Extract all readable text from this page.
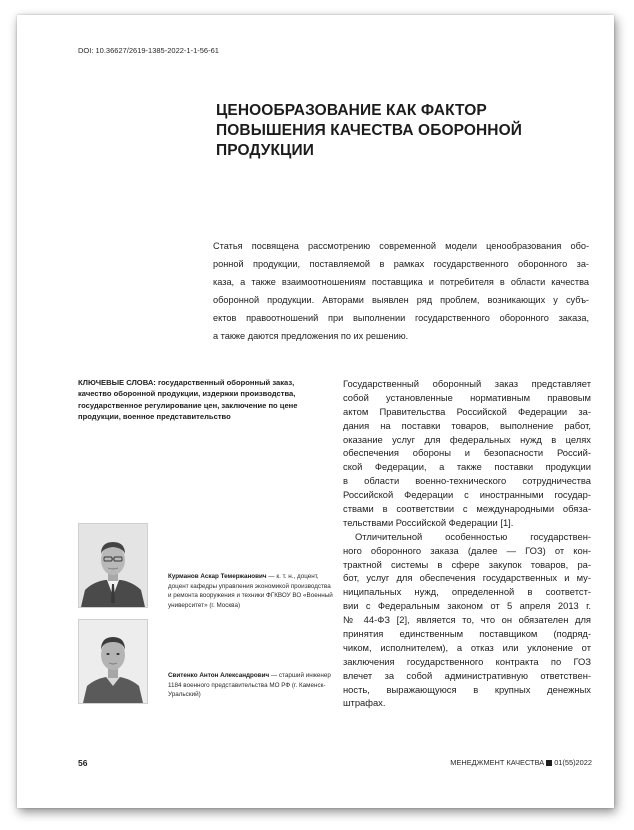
DOI: 10.36627/2619-1385-2022-1-1-56-61
ЦЕНООБРАЗОВАНИЕ КАК ФАКТОР
ПОВЫШЕНИЯ КАЧЕСТВА ОБОРОННОЙ
ПРОДУКЦИИ
Статья посвящена рассмотрению современной модели ценообразования обо-
ронной продукции, поставляемой в рамках государственного оборонного за-
каза, а также взаимоотношениям поставщика и потребителя в области качества
оборонной продукции. Авторами выявлен ряд проблем, возникающих у субъ-
ектов правоотношений при выполнении государственного оборонного заказа,
а также даются предложения по их решению.
КЛЮЧЕВЫЕ СЛОВА: государственный оборонный заказ,
качество оборонной продукции, издержки производства,
государственное регулирование цен, заключение по цене
продукции, военное представительство
Государственный оборонный заказ представляет
собой установленные нормативным правовым
актом Правительства Российской Федерации за-
дания на поставки товаров, выполнение работ,
оказание услуг для федеральных нужд в целях
обеспечения обороны и безопасности Россий-
ской Федерации, а также поставки продукции
в области военно-технического сотрудничества
Российской Федерации с иностранными государ-
ствами в соответствии с международными обяза-
тельствами Российской Федерации [1].
Отличительной особенностью государствен-
ного оборонного заказа (далее — ГОЗ) от кон-
трактной системы в сфере закупок товаров, ра-
бот, услуг для обеспечения государственных и му-
ниципальных нужд, определенной в соответст-
вии с Федеральным законом от 5 апреля 2013 г.
№ 44-ФЗ [2], является то, что он обязателен для
принятия единственным поставщиком (подряд-
чиком, исполнителем), а отказ или уклонение от
заключения государственного контракта по ГОЗ
влечет за собой административную ответствен-
ность, выражающуюся в крупных денежных
штрафах.
Курманов Аскар Темержанович — к. т. н., доцент,
доцент кафедры управления экономикой производства
и ремонта вооружения и техники ФГКВОУ ВО «Военный
университет» (г. Москва)
Свитенко Антон Александрович — старший инженер
1184 военного представительства МО РФ (г. Каменск-
Уральский)
56	МЕНЕДЖМЕНТ КАЧЕСТВА 01(55)2022
